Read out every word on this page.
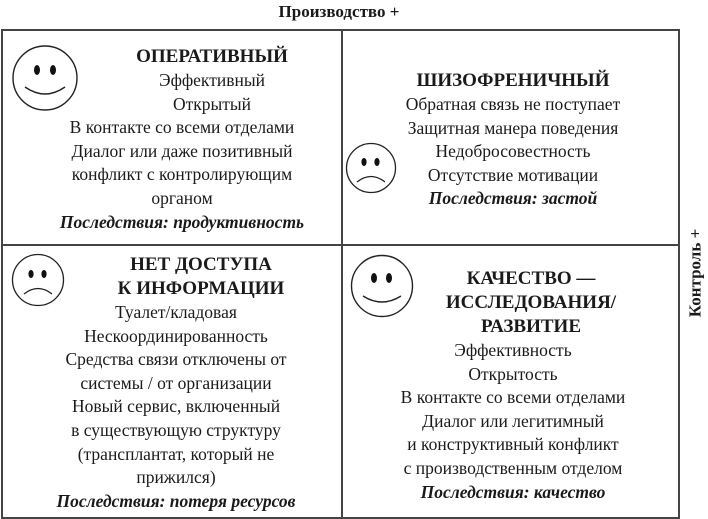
Производство +
Контроль +
ОПЕРАТИВНЫЙ
Эффективный
Открытый
В контакте со всеми отделами
Диалог или даже позитивный
конфликт с контролирующим
органом
Последствия: продуктивность
ШИЗОФРЕНИЧНЫЙ
Обратная связь не поступает
Защитная манера поведения
Недобросовестность
Отсутствие мотивации
Последствия: застой
НЕТ ДОСТУПА
К ИНФОРМАЦИИ
Туалет/кладовая
Нескоординированность
Средства связи отключены от
системы / от организации
Новый сервис, включенный
в существующую структуру
(трансплантат, который не
прижился)
Последствия: потеря ресурсов
КАЧЕСТВО —
ИССЛЕДОВАНИЯ/
РАЗВИТИЕ
Эффективность
Открытость
В контакте со всеми отделами
Диалог или легитимный
и конструктивный конфликт
с производственным отделом
Последствия: качество
